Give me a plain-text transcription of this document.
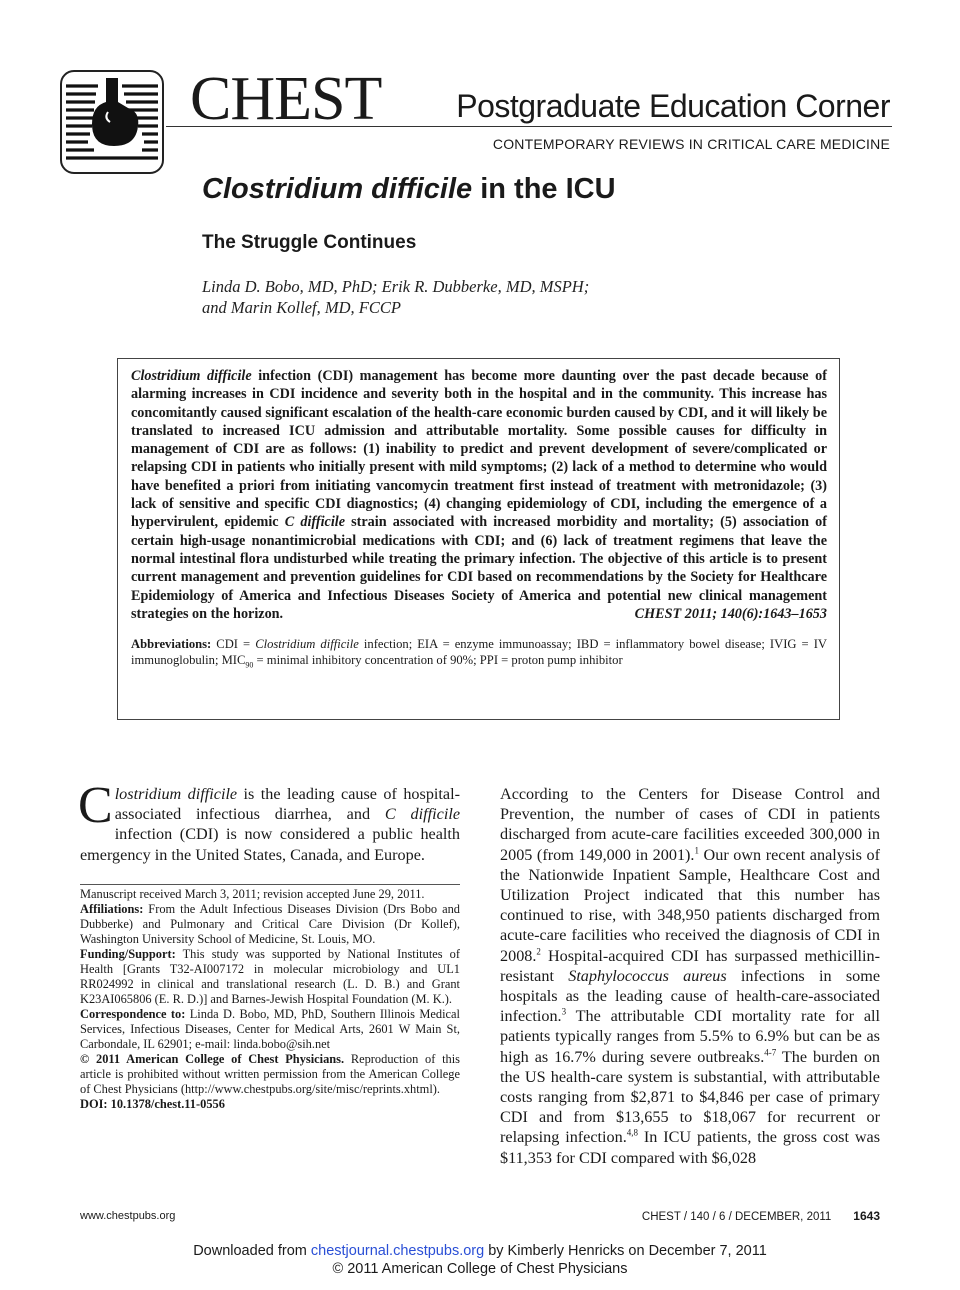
CHEST Postgraduate Education Corner
CONTEMPORARY REVIEWS IN CRITICAL CARE MEDICINE
Clostridium difficile in the ICU
The Struggle Continues
Linda D. Bobo, MD, PhD; Erik R. Dubberke, MD, MSPH;
and Marin Kollef, MD, FCCP
Clostridium difficile infection (CDI) management has become more daunting over the past decade because of alarming increases in CDI incidence and severity both in the hospital and in the community. This increase has concomitantly caused significant escalation of the health-care economic burden caused by CDI, and it will likely be translated to increased ICU admission and attributable mortality. Some possible causes for difficulty in management of CDI are as follows: (1) inability to predict and prevent development of severe/complicated or relapsing CDI in patients who initially present with mild symptoms; (2) lack of a method to determine who would have benefited a priori from initiating vancomycin treatment first instead of treatment with metronidazole; (3) lack of sensitive and specific CDI diagnostics; (4) changing epidemiology of CDI, including the emergence of a hypervirulent, epidemic C difficile strain associated with increased morbidity and mortality; (5) association of certain high-usage nonantimicrobial medications with CDI; and (6) lack of treatment regimens that leave the normal intestinal flora undisturbed while treating the primary infection. The objective of this article is to present current management and prevention guidelines for CDI based on recommendations by the Society for Healthcare Epidemiology of America and Infectious Diseases Society of America and potential new clinical management strategies on the horizon.	CHEST 2011; 140(6):1643–1653
Abbreviations: CDI = Clostridium difficile infection; EIA = enzyme immunoassay; IBD = inflammatory bowel disease; IVIG = IV immunoglobulin; $MIC_{90}$ = minimal inhibitory concentration of 90%; PPI = proton pump inhibitor
Clostridium difficile is the leading cause of hospital-associated infectious diarrhea, and C difficile infection (CDI) is now considered a public health emergency in the United States, Canada, and Europe.

Manuscript received March 3, 2011; revision accepted June 29, 2011.

Affiliations: From the Adult Infectious Diseases Division (Drs Bobo and Dubberke) and Pulmonary and Critical Care Division (Dr Kollef), Washington University School of Medicine, St. Louis, MO.

Funding/Support: This study was supported by National Institutes of Health [Grants T32-AI007172 in molecular microbiology and UL1 RR024992 in clinical and translational research (L. D. B.) and Grant K23AI065806 (E. R. D.)] and Barnes-Jewish Hospital Foundation (M. K.).

Correspondence to: Linda D. Bobo, MD, PhD, Southern Illinois Medical Services, Infectious Diseases, Center for Medical Arts, 2601 W Main St, Carbondale, IL 62901; e-mail: linda.bobo@sih.net

© 2011 American College of Chest Physicians. Reproduction of this article is prohibited without written permission from the American College of Chest Physicians (http://www.chestpubs.org/site/misc/reprints.xhtml).

DOI: 10.1378/chest.11-0556

According to the Centers for Disease Control and Prevention, the number of cases of CDI in patients discharged from acute-care facilities exceeded 300,000 in 2005 (from 149,000 in 2001).$^1$ Our own recent analysis of the Nationwide Inpatient Sample, Healthcare Cost and Utilization Project indicated that this number has continued to rise, with 348,950 patients discharged from acute-care facilities who received the diagnosis of CDI in 2008.$^2$ Hospital-acquired CDI has surpassed methicillin-resistant Staphylococcus aureus infections in some hospitals as the leading cause of health-care-associated infection.$^3$ The attributable CDI mortality rate for all patients typically ranges from 5.5% to 6.9% but can be as high as 16.7% during severe outbreaks.$^{4-7}$ The burden on the US health-care system is substantial, with attributable costs ranging from $2,871 to $4,846 per case of primary CDI and from $13,655 to $18,067 for recurrent or relapsing infection.$^{4,8}$ In ICU patients, the gross cost was $11,353 for CDI compared with $6,028
www.chestpubs.org	CHEST / 140 / 6 / DECEMBER, 2011 1643
Downloaded from chestjournal.chestpubs.org by Kimberly Henricks on December 7, 2011
© 2011 American College of Chest Physicians
